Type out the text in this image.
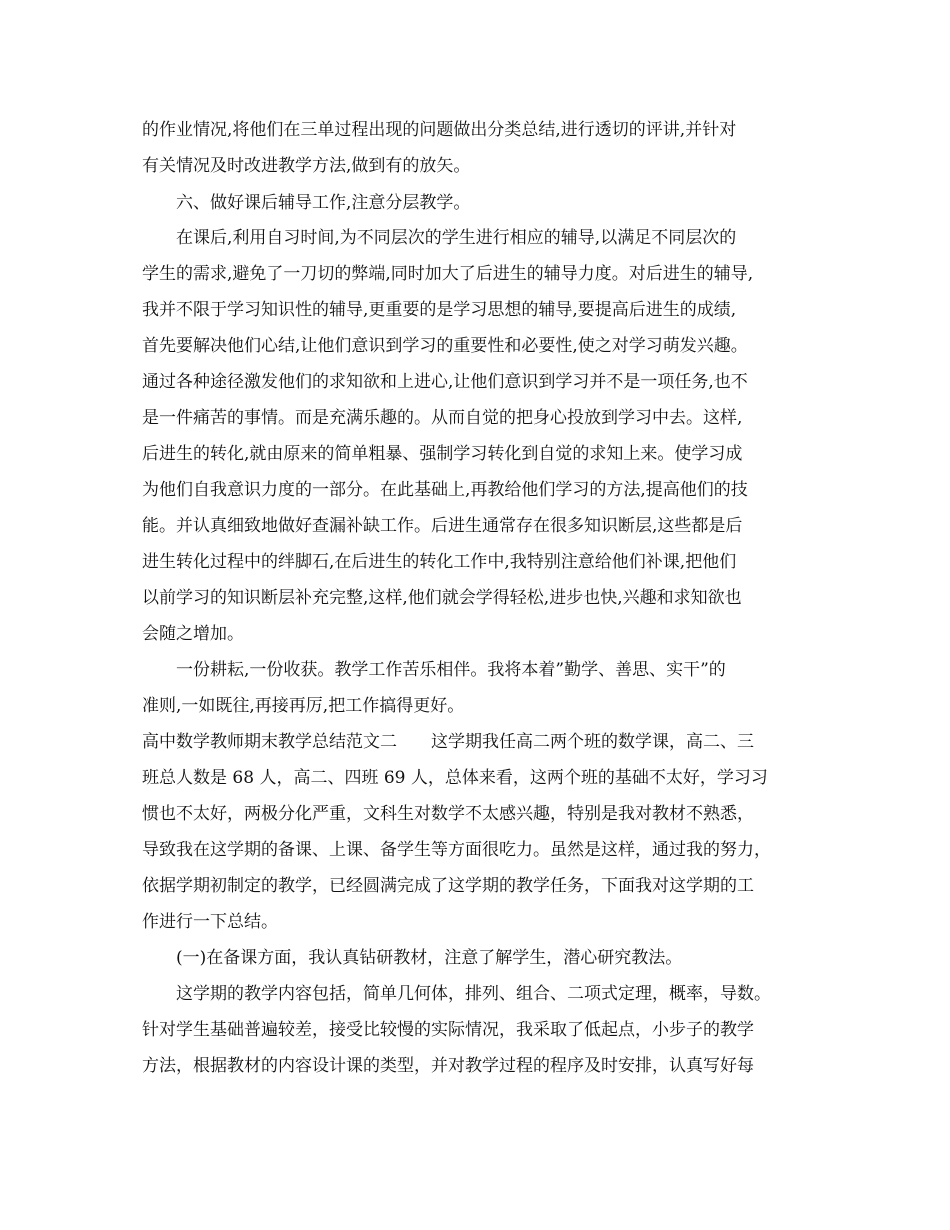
的作业情况,将他们在三单过程出现的问题做出分类总结,进行透切的评讲,并针对
有关情况及时改进教学方法,做到有的放矢。
六、做好课后辅导工作,注意分层教学。
在课后,利用自习时间,为不同层次的学生进行相应的辅导,以满足不同层次的
学生的需求,避免了一刀切的弊端,同时加大了后进生的辅导力度。对后进生的辅导,
我并不限于学习知识性的辅导,更重要的是学习思想的辅导,要提高后进生的成绩,
首先要解决他们心结,让他们意识到学习的重要性和必要性,使之对学习萌发兴趣。
通过各种途径激发他们的求知欲和上进心,让他们意识到学习并不是一项任务,也不
是一件痛苦的事情。而是充满乐趣的。从而自觉的把身心投放到学习中去。这样,
后进生的转化,就由原来的简单粗暴、强制学习转化到自觉的求知上来。使学习成
为他们自我意识力度的一部分。在此基础上,再教给他们学习的方法,提高他们的技
能。并认真细致地做好查漏补缺工作。后进生通常存在很多知识断层,这些都是后
进生转化过程中的绊脚石,在后进生的转化工作中,我特别注意给他们补课,把他们
以前学习的知识断层补充完整,这样,他们就会学得轻松,进步也快,兴趣和求知欲也
会随之增加。
一份耕耘,一份收获。教学工作苦乐相伴。我将本着”勤学、善思、实干”的
准则,一如既往,再接再厉,把工作搞得更好。
高中数学教师期末教学总结范文二　　这学期我任高二两个班的数学课，高二、三
班总人数是 68 人，高二、四班 69 人，总体来看，这两个班的基础不太好，学习习
惯也不太好，两极分化严重，文科生对数学不太感兴趣，特别是我对教材不熟悉，
导致我在这学期的备课、上课、备学生等方面很吃力。虽然是这样，通过我的努力，
依据学期初制定的教学，已经圆满完成了这学期的教学任务，下面我对这学期的工
作进行一下总结。
(一)在备课方面，我认真钻研教材，注意了解学生，潜心研究教法。
这学期的教学内容包括，简单几何体，排列、组合、二项式定理，概率，导数。
针对学生基础普遍较差，接受比较慢的实际情况，我采取了低起点，小步子的教学
方法，根据教材的内容设计课的类型，并对教学过程的程序及时安排，认真写好每
